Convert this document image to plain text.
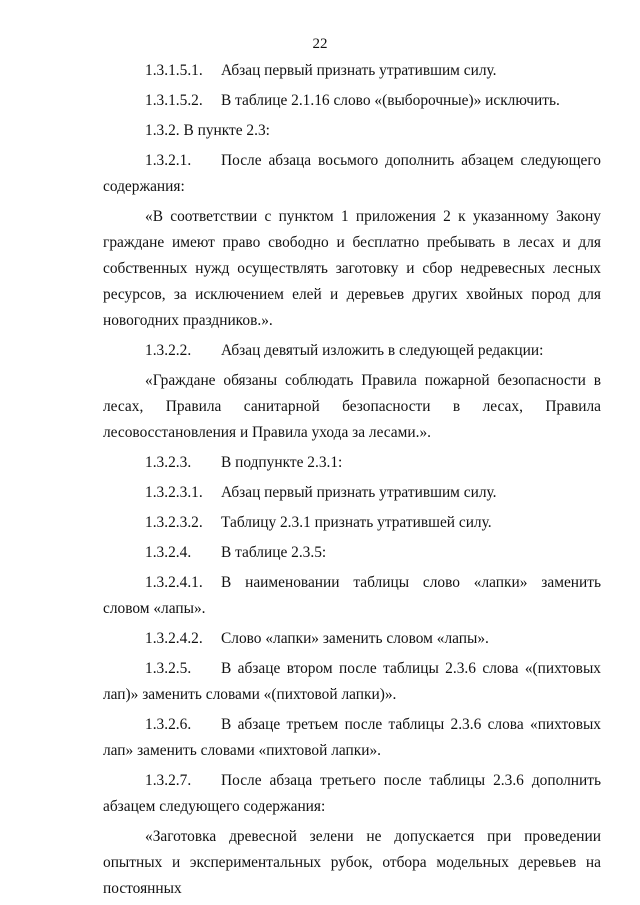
22
1.3.1.5.1.	Абзац первый признать утратившим силу.
1.3.1.5.2.	В таблице 2.1.16 слово «(выборочные)» исключить.

1.3.2. В пункте 2.3:

1.3.2.1. После абзаца восьмого дополнить абзацем следующего содержания:

«В соответствии с пунктом 1 приложения 2 к указанному Закону граждане имеют право свободно и бесплатно пребывать в лесах и для собственных нужд осуществлять заготовку и сбор недревесных лесных ресурсов, за исключением елей и деревьев других хвойных пород для новогодних праздников.».

1.3.2.2.	Абзац девятый изложить в следующей редакции:

«Граждане обязаны соблюдать Правила пожарной безопасности в лесах, Правила санитарной безопасности в лесах, Правила лесовосстановления и Правила ухода за лесами.».

1.3.2.3.	В подпункте 2.3.1:
1.3.2.3.1.	Абзац первый признать утратившим силу.
1.3.2.3.2.	Таблицу 2.3.1 признать утратившей силу.
1.3.2.4.	В таблице 2.3.5:

1.3.2.4.1. В наименовании таблицы слово «лапки» заменить словом «лапы».

1.3.2.4.2.	Слово «лапки» заменить словом «лапы».

1.3.2.5. В абзаце втором после таблицы 2.3.6 слова «(пихтовых лап)» заменить словами «(пихтовой лапки)».

1.3.2.6. В абзаце третьем после таблицы 2.3.6 слова «пихтовых лап» заменить словами «пихтовой лапки».

1.3.2.7. После абзаца третьего после таблицы 2.3.6 дополнить абзацем следующего содержания:

«Заготовка древесной зелени не допускается при проведении опытных и экспериментальных рубок, отбора модельных деревьев на постоянных
